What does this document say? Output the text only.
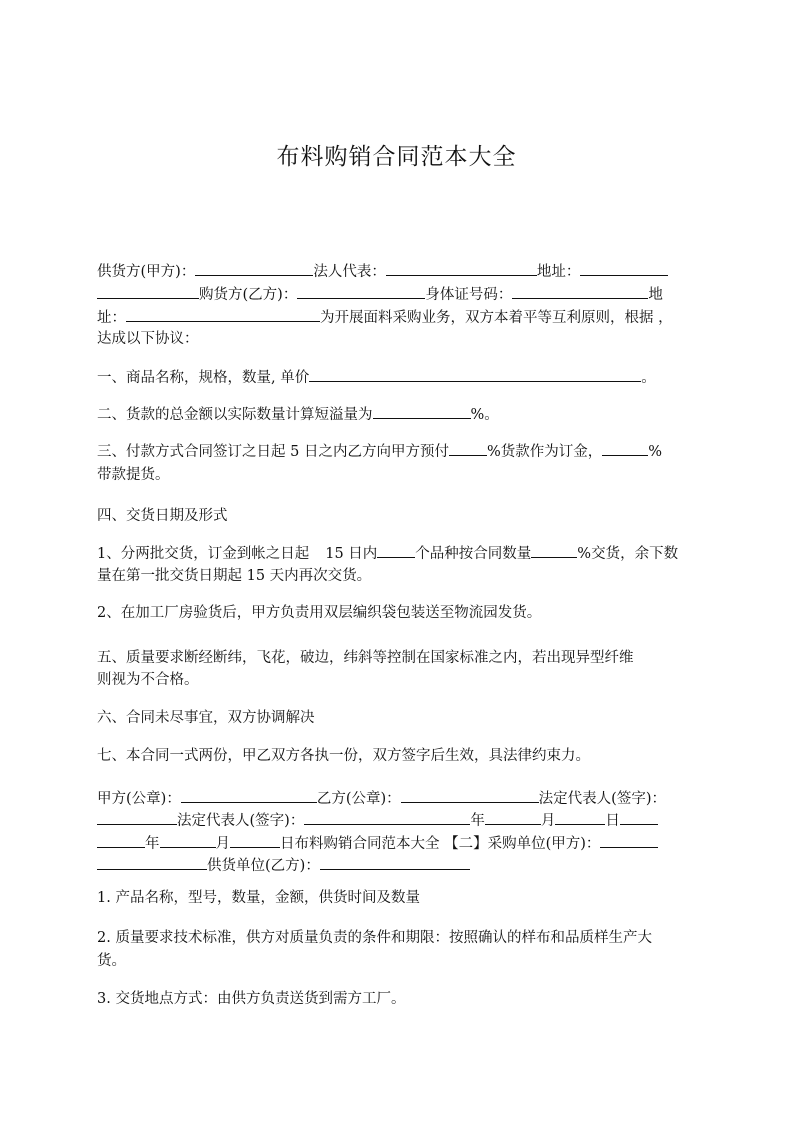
布料购销合同范本大全
供货方(甲方)：	法人代表：	地址：
购货方(乙方)：	身体证号码：	地
址：	为开展面料采购业务，双方本着平等互利原则，根据 ，
达成以下协议：
一、商品名称，规格，数量, 单价	。
二、货款的总金额以实际数量计算短溢量为	%。
三、付款方式合同签订之日起 5 日之内乙方向甲方预付	%货款作为订金，	%
带款提货。
四、交货日期及形式
1、分两批交货，订金到帐之日起 15 日内	个品种按合同数量	%交货，余下数
量在第一批交货日期起 15 天内再次交货。
2、在加工厂房验货后，甲方负责用双层编织袋包装送至物流园发货。
五、质量要求断经断纬，飞花，破边，纬斜等控制在国家标准之内，若出现异型纤维
则视为不合格。
六、合同未尽事宜，双方协调解决
七、本合同一式两份，甲乙双方各执一份，双方签字后生效，具法律约束力。
甲方(公章)：	乙方(公章)：	法定代表人(签字)：
法定代表人(签字)：	年	月	日
年	月	日布料购销合同范本大全 【二】采购单位(甲方)：
供货单位(乙方)：
1. 产品名称，型号，数量，金额，供货时间及数量
2. 质量要求技术标准，供方对质量负责的条件和期限：按照确认的样布和品质样生产大
货。
3. 交货地点方式：由供方负责送货到需方工厂。
